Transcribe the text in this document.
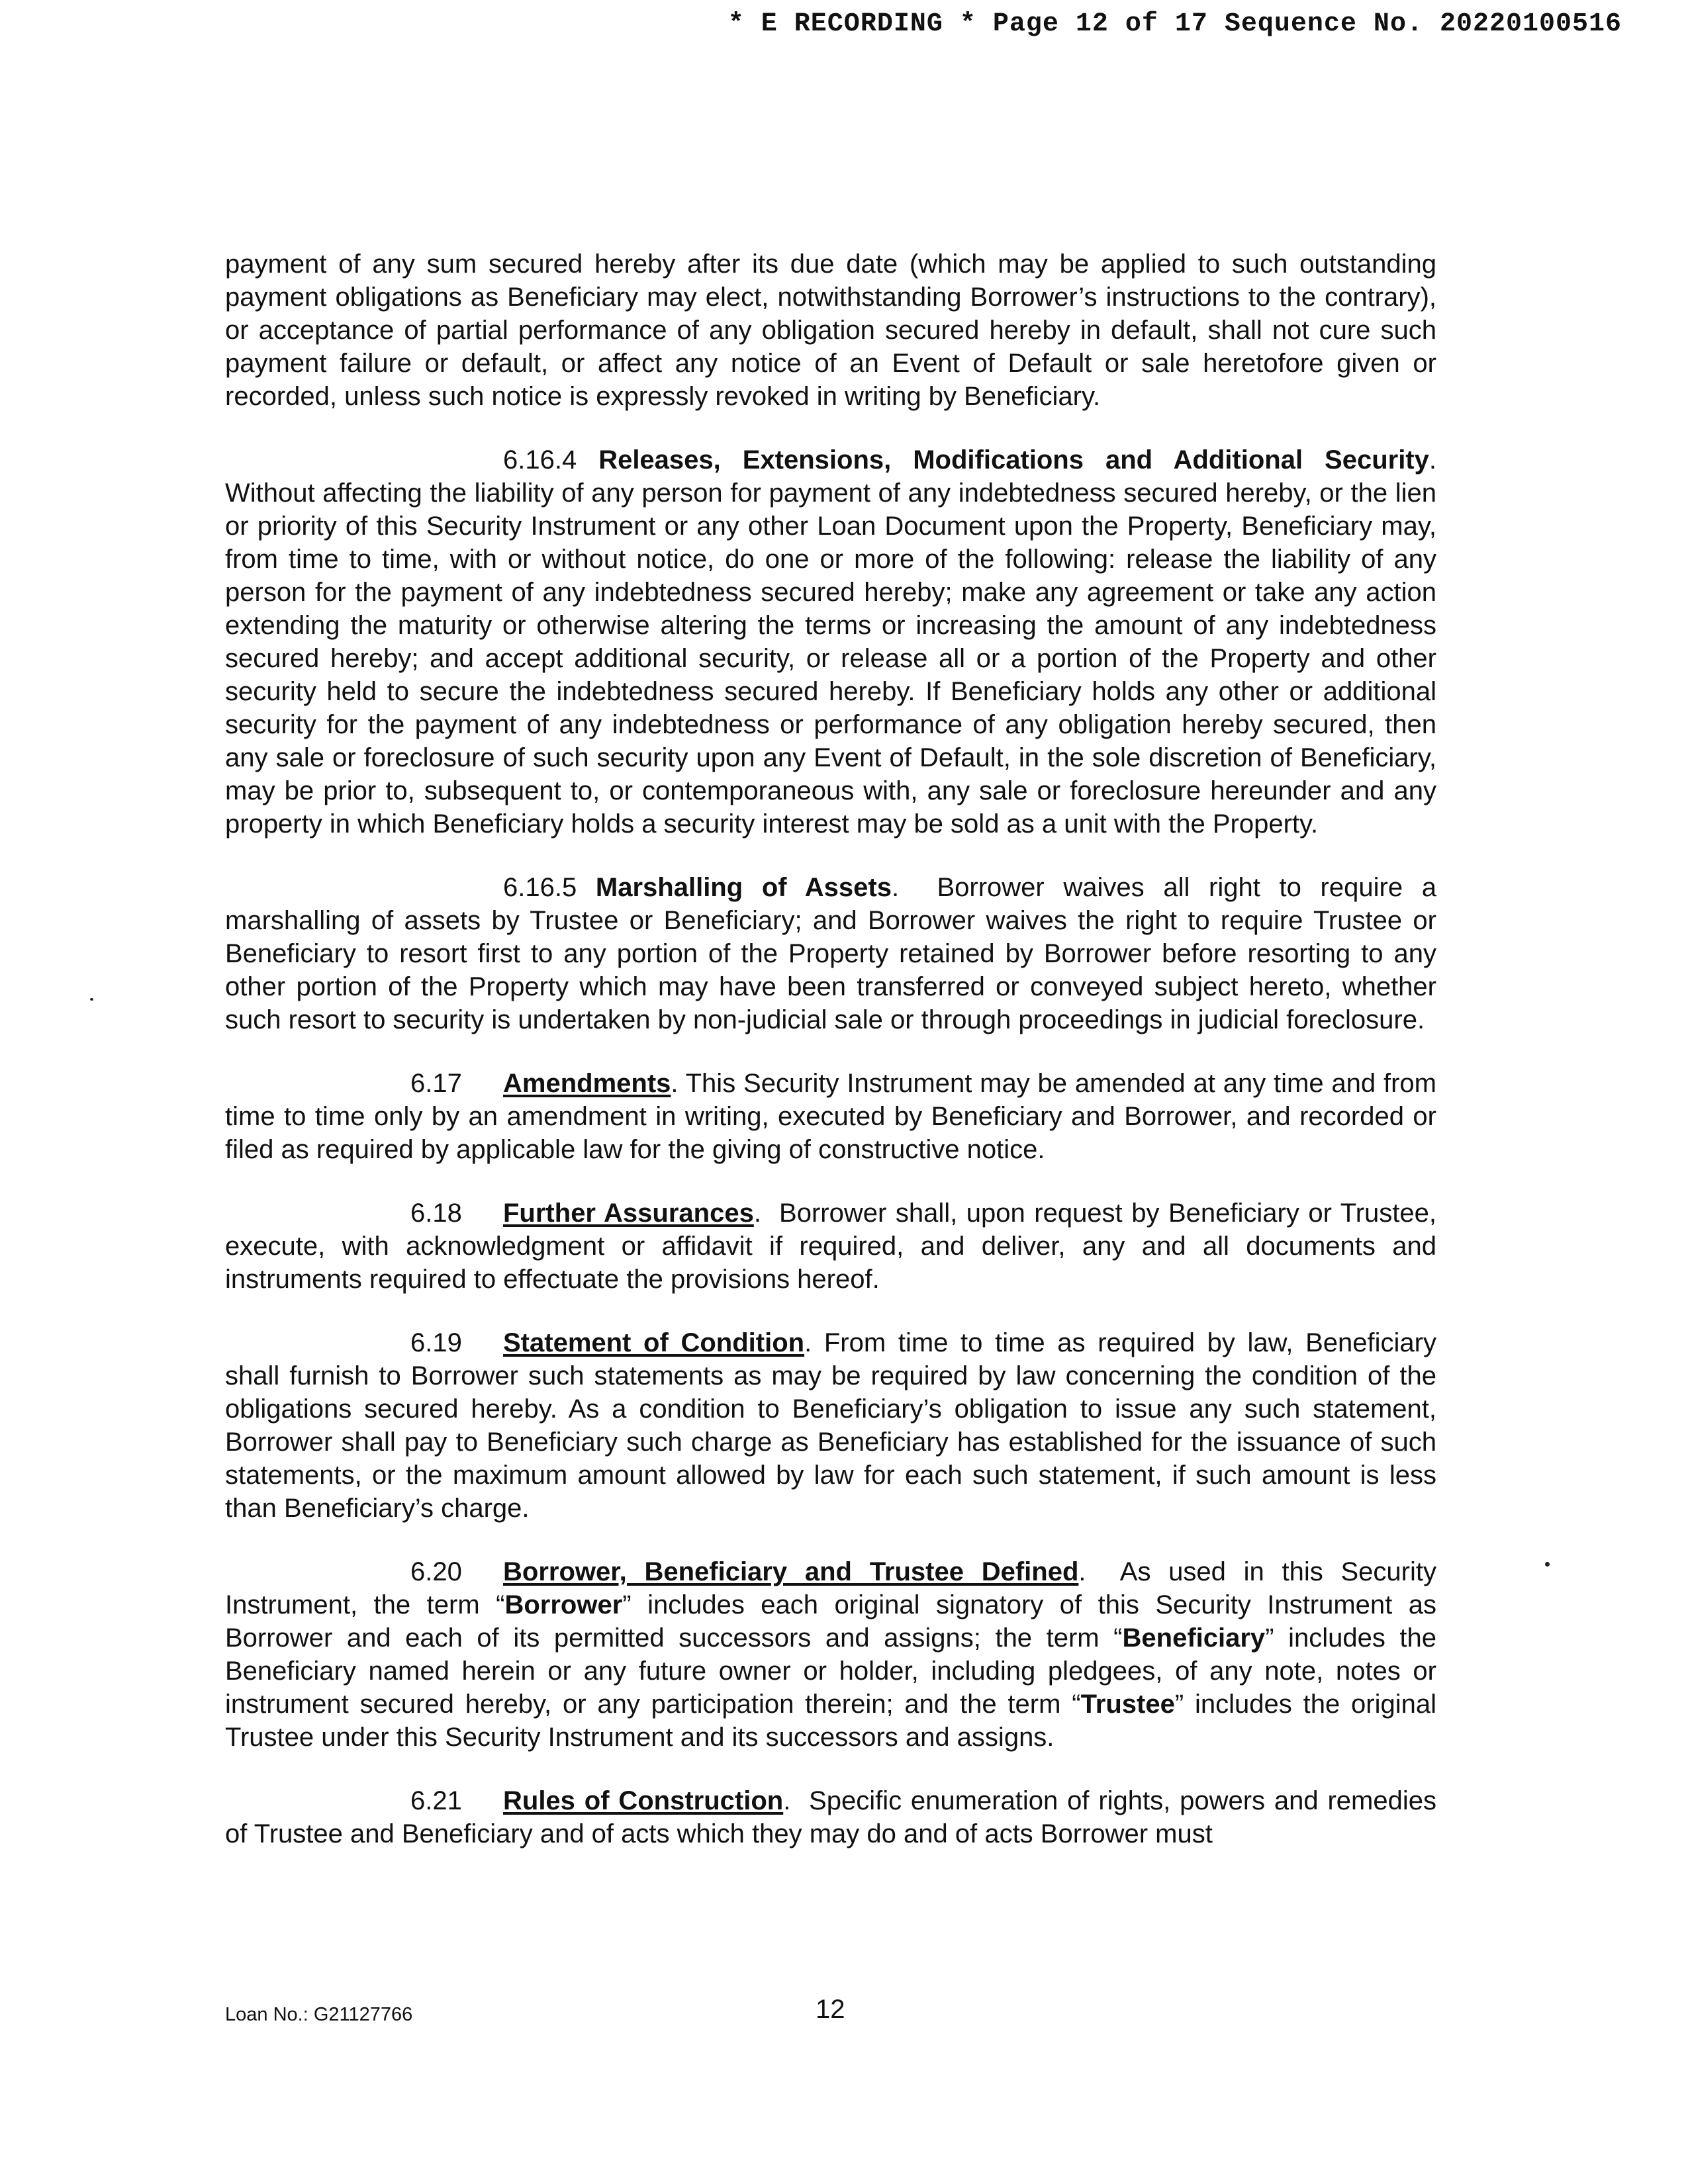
* E RECORDING * Page 12 of 17 Sequence No. 20220100516

payment of any sum secured hereby after its due date (which may be applied to such outstanding payment obligations as Beneficiary may elect, notwithstanding Borrower’s instructions to the contrary), or acceptance of partial performance of any obligation secured hereby in default, shall not cure such payment failure or default, or affect any notice of an Event of Default or sale heretofore given or recorded, unless such notice is expressly revoked in writing by Beneficiary.

6.16.4 Releases, Extensions, Modifications and Additional Security. Without affecting the liability of any person for payment of any indebtedness secured hereby, or the lien or priority of this Security Instrument or any other Loan Document upon the Property, Beneficiary may, from time to time, with or without notice, do one or more of the following: release the liability of any person for the payment of any indebtedness secured hereby; make any agreement or take any action extending the maturity or otherwise altering the terms or increasing the amount of any indebtedness secured hereby; and accept additional security, or release all or a portion of the Property and other security held to secure the indebtedness secured hereby. If Beneficiary holds any other or additional security for the payment of any indebtedness or performance of any obligation hereby secured, then any sale or foreclosure of such security upon any Event of Default, in the sole discretion of Beneficiary, may be prior to, subsequent to, or contemporaneous with, any sale or foreclosure hereunder and any property in which Beneficiary holds a security interest may be sold as a unit with the Property.

6.16.5 Marshalling of Assets.  Borrower waives all right to require a marshalling of assets by Trustee or Beneficiary; and Borrower waives the right to require Trustee or Beneficiary to resort first to any portion of the Property retained by Borrower before resorting to any other portion of the Property which may have been transferred or conveyed subject hereto, whether such resort to security is undertaken by non-judicial sale or through proceedings in judicial foreclosure.

6.17 Amendments. This Security Instrument may be amended at any time and from time to time only by an amendment in writing, executed by Beneficiary and Borrower, and recorded or filed as required by applicable law for the giving of constructive notice.

6.18 Further Assurances.  Borrower shall, upon request by Beneficiary or Trustee, execute, with acknowledgment or affidavit if required, and deliver, any and all documents and instruments required to effectuate the provisions hereof.

6.19 Statement of Condition. From time to time as required by law, Beneficiary shall furnish to Borrower such statements as may be required by law concerning the condition of the obligations secured hereby. As a condition to Beneficiary’s obligation to issue any such statement, Borrower shall pay to Beneficiary such charge as Beneficiary has established for the issuance of such statements, or the maximum amount allowed by law for each such statement, if such amount is less than Beneficiary’s charge.

6.20 Borrower, Beneficiary and Trustee Defined.  As used in this Security Instrument, the term “Borrower” includes each original signatory of this Security Instrument as Borrower and each of its permitted successors and assigns; the term “Beneficiary” includes the Beneficiary named herein or any future owner or holder, including pledgees, of any note, notes or instrument secured hereby, or any participation therein; and the term “Trustee” includes the original Trustee under this Security Instrument and its successors and assigns.

6.21 Rules of Construction.  Specific enumeration of rights, powers and remedies of Trustee and Beneficiary and of acts which they may do and of acts Borrower must

Loan No.: G21127766	12
